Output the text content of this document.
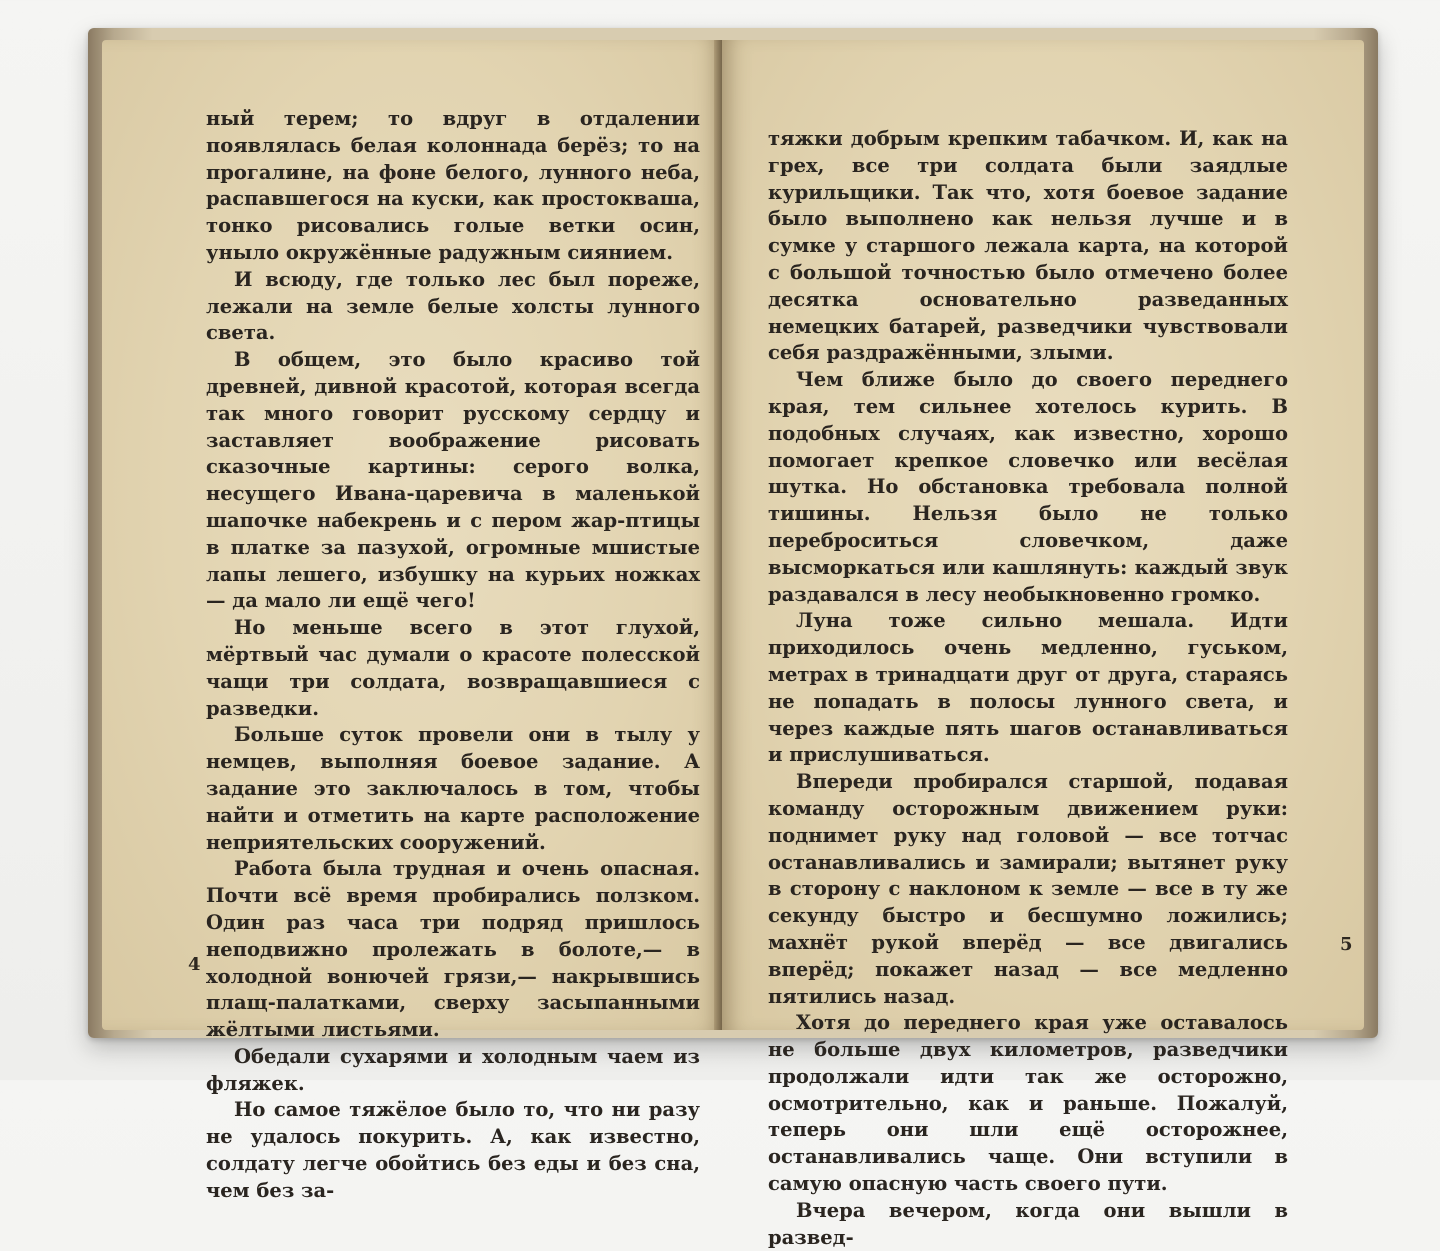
ный терем; то вдруг в отдалении появлялась белая колоннада берёз; то на прогалине, на фоне белого, лунного неба, распавшегося на куски, как простокваша, тонко рисовались голые ветки осин, уныло окружённые радужным сиянием.

И всюду, где только лес был пореже, лежали на земле белые холсты лунного света.

В общем, это было красиво той древней, дивной красотой, которая всегда так много говорит русскому сердцу и заставляет воображение рисовать сказочные картины: серого волка, несущего Ивана-царевича в маленькой шапочке набекрень и с пером жар-птицы в платке за пазухой, огромные мшистые лапы лешего, избушку на курьих ножках — да мало ли ещё чего!

Но меньше всего в этот глухой, мёртвый час думали о красоте полесской чащи три солдата, возвращавшиеся с разведки.

Больше суток провели они в тылу у немцев, выполняя боевое задание. А задание это заключалось в том, чтобы найти и отметить на карте расположение неприятельских сооружений.

Работа была трудная и очень опасная. Почти всё время пробирались ползком. Один раз часа три подряд пришлось неподвижно пролежать в болоте,— в холодной вонючей грязи,— накрывшись плащ-палатками, сверху засыпанными жёлтыми листьями.

Обедали сухарями и холодным чаем из фляжек.

Но самое тяжёлое было то, что ни разу не удалось покурить. А, как известно, солдату легче обойтись без еды и без сна, чем без за-

4

тяжки добрым крепким табачком. И, как на грех, все три солдата были заядлые курильщики. Так что, хотя боевое задание было выполнено как нельзя лучше и в сумке у старшого лежала карта, на которой с большой точностью было отмечено более десятка основательно разведанных немецких батарей, разведчики чувствовали себя раздражёнными, злыми.

Чем ближе было до своего переднего края, тем сильнее хотелось курить. В подобных случаях, как известно, хорошо помогает крепкое словечко или весёлая шутка. Но обстановка требовала полной тишины. Нельзя было не только переброситься словечком, даже высморкаться или кашлянуть: каждый звук раздавался в лесу необыкновенно громко.

Луна тоже сильно мешала. Идти приходилось очень медленно, гуськом, метрах в тринадцати друг от друга, стараясь не попадать в полосы лунного света, и через каждые пять шагов останавливаться и прислушиваться.

Впереди пробирался старшой, подавая команду осторожным движением руки: поднимет руку над головой — все тотчас останавливались и замирали; вытянет руку в сторону с наклоном к земле — все в ту же секунду быстро и бесшумно ложились; махнёт рукой вперёд — все двигались вперёд; покажет назад — все медленно пятились назад.

Хотя до переднего края уже оставалось не больше двух километров, разведчики продолжали идти так же осторожно, осмотрительно, как и раньше. Пожалуй, теперь они шли ещё осторожнее, останавливались чаще. Они вступили в самую опасную часть своего пути.

Вчера вечером, когда они вышли в развед-

5
